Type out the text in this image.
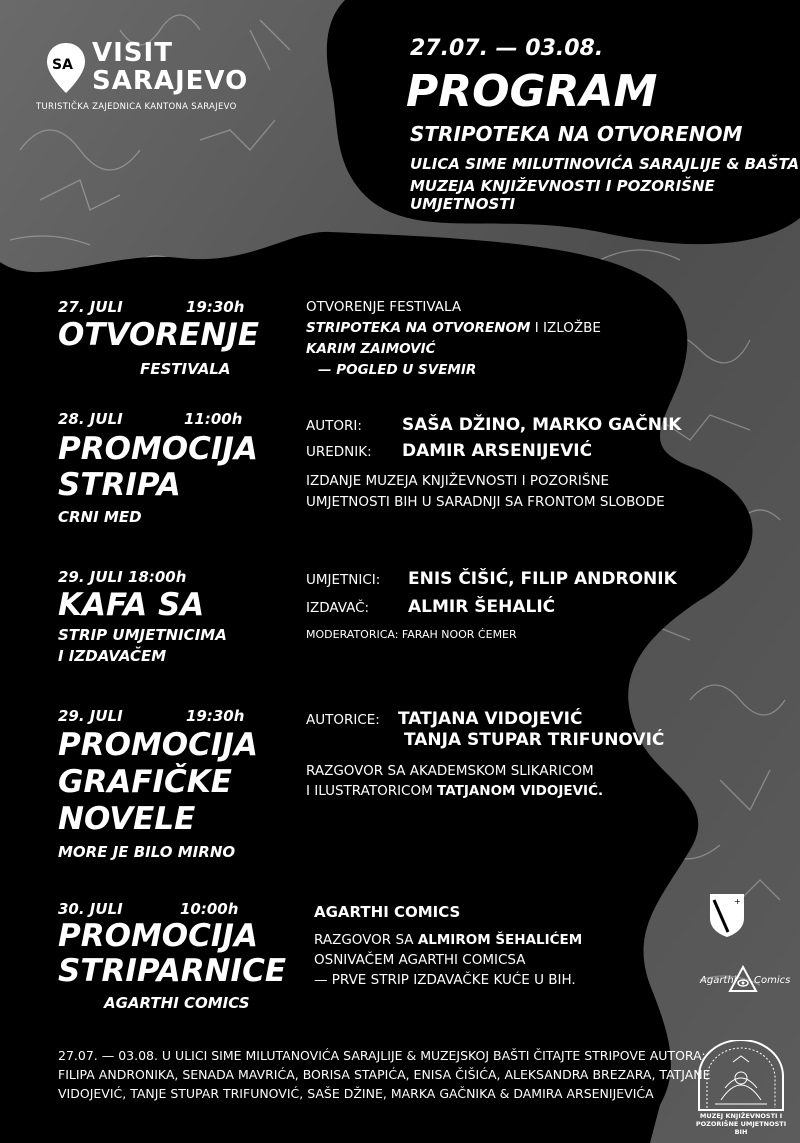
SA VISIT
SARAJEVO
TURISTIČKA ZAJEDNICA KANTONA SARAJEVO
27.07. — 03.08.
PROGRAM
STRIPOTEKA NA OTVORENOM
ULICA SIME MILUTINOVIĆA SARAJLIJE & BAŠTA
MUZEJA KNJIŽEVNOSTI I POZORIŠNE UMJETNOSTI
27. JULI	19:30h
OTVORENJE
FESTIVALA
OTVORENJE FESTIVALA
STRIPOTEKA NA OTVORENOM I IZLOŽBE
KARIM ZAIMOVIĆ
— POGLED U SVEMIR
28. JULI	11:00h
PROMOCIJA
STRIPA
CRNI MED
AUTORI: SAŠA DŽINO, MARKO GAČNIK
UREDNIK: DAMIR ARSENIJEVIĆ
IZDANJE MUZEJA KNJIŽEVNOSTI I POZORIŠNE
UMJETNOSTI BIH U SARADNJI SA FRONTOM SLOBODE
29. JULI 18:00h
KAFA SA
STRIP UMJETNICIMA
I IZDAVAČEM
UMJETNICI: ENIS ČIŠIĆ, FILIP ANDRONIK
IZDAVAČ: ALMIR ŠEHALIĆ
MODERATORICA: FARAH NOOR ĆEMER
29. JULI	19:30h
PROMOCIJA
GRAFIČKE
NOVELE
MORE JE BILO MIRNO
AUTORICE: TATJANA VIDOJEVIĆ
TANJA STUPAR TRIFUNOVIĆ
RAZGOVOR SA AKADEMSKOM SLIKARICOM
I ILUSTRATORICOM TATJANOM VIDOJEVIĆ.
30. JULI	10:00h
PROMOCIJA
STRIPARNICE
AGARTHI COMICS
AGARTHI COMICS
RAZGOVOR SA ALMIROM ŠEHALIĆEM
OSNIVAČEM AGARTHI COMICSA
— PRVE STRIP IZDAVAČKE KUĆE U BIH.
27.07. — 03.08. U ULICI SIME MILUTANOVIĆA SARAJLIJE & MUZEJSKOJ BAŠTI ČITAJTE STRIPOVE AUTORA:
FILIPA ANDRONIKA, SENADA MAVRIĆA, BORISA STAPIĆA, ENISA ČIŠIĆA, ALEKSANDRA BREZARA, TATJANE
VIDOJEVIĆ, TANJE STUPAR TRIFUNOVIĆ, SAŠE DŽINE, MARKA GAČNIKA & DAMIRA ARSENIJEVIĆA
+
Agarthi Comics
MUZEJ KNJIŽEVNOSTI I
POZORIŠNE UMJETNOSTI BIH
